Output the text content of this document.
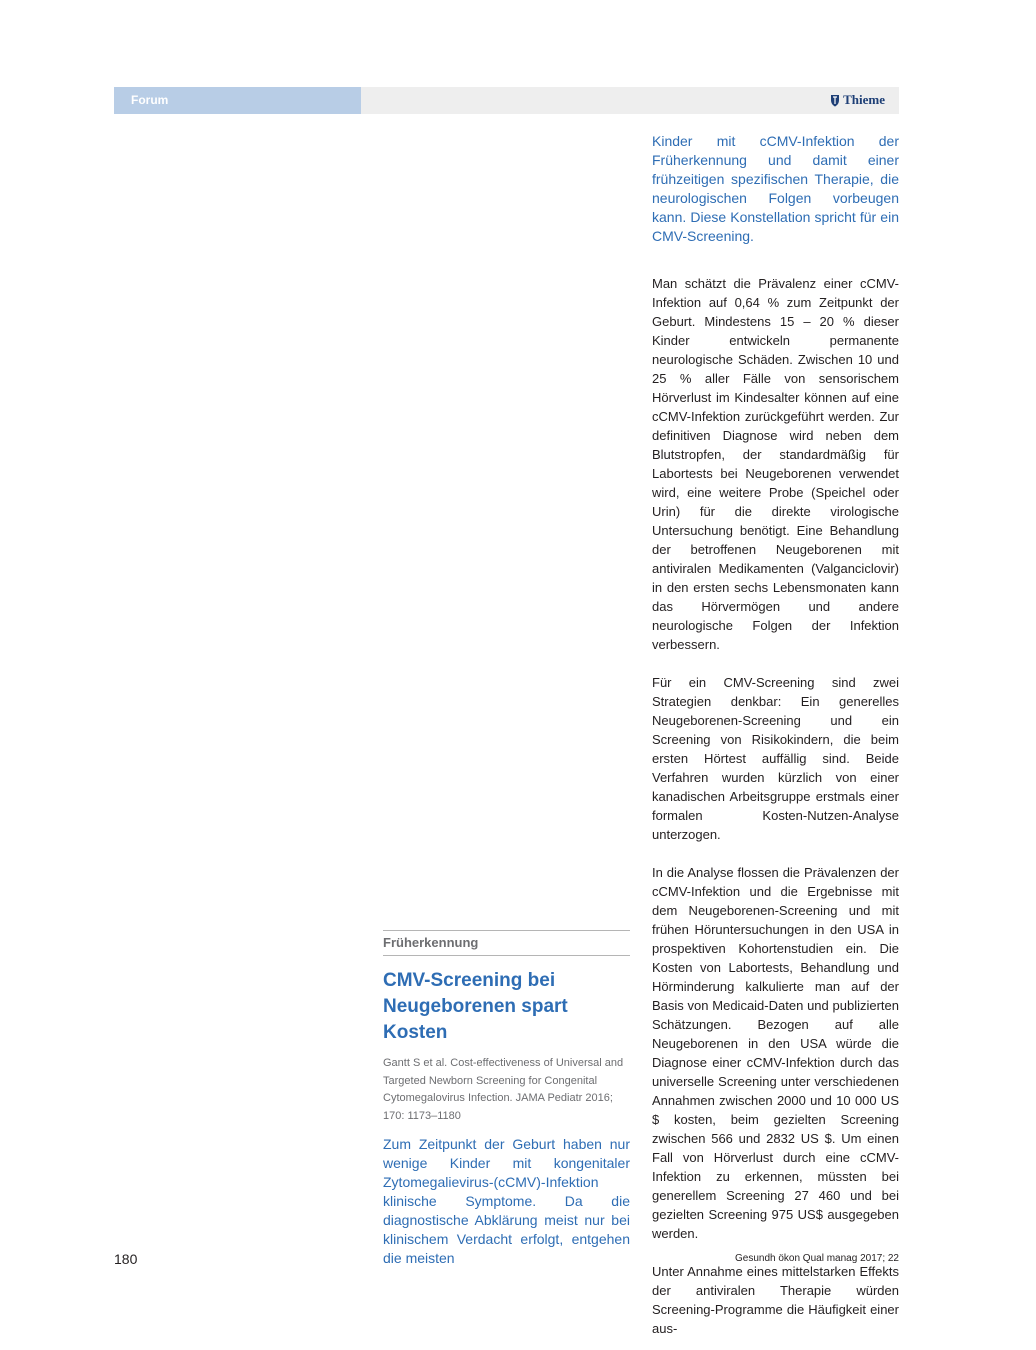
Forum	Thieme

Kinder mit cCMV-Infektion der Früherkennung und damit einer frühzeitigen spezifischen Therapie, die neurologischen Folgen vorbeugen kann. Diese Konstellation spricht für ein CMV-Screening.

Man schätzt die Prävalenz einer cCMV-Infektion auf 0,64 % zum Zeitpunkt der Geburt. Mindestens 15 – 20 % dieser Kinder entwickeln permanente neurologische Schäden. Zwischen 10 und 25 % aller Fälle von sensorischem Hörverlust im Kindesalter können auf eine cCMV-Infektion zurückgeführt werden. Zur definitiven Diagnose wird neben dem Blutstropfen, der standardmäßig für Labortests bei Neugeborenen verwendet wird, eine weitere Probe (Speichel oder Urin) für die direkte virologische Untersuchung benötigt. Eine Behandlung der betroffenen Neugeborenen mit antiviralen Medikamenten (Valganciclovir) in den ersten sechs Lebensmonaten kann das Hörvermögen und andere neurologische Folgen der Infektion verbessern.

Für ein CMV-Screening sind zwei Strategien denkbar: Ein generelles Neugeborenen-Screening und ein Screening von Risikokindern, die beim ersten Hörtest auffällig sind. Beide Verfahren wurden kürzlich von einer kanadischen Arbeitsgruppe erstmals einer formalen Kosten-Nutzen-Analyse unterzogen.

In die Analyse flossen die Prävalenzen der cCMV-Infektion und die Ergebnisse mit dem Neugeborenen-Screening und mit frühen Höruntersuchungen in den USA in prospektiven Kohortenstudien ein. Die Kosten von Labortests, Behandlung und Hörminderung kalkulierte man auf der Basis von Medicaid-Daten und publizierten Schätzungen. Bezogen auf alle Neugeborenen in den USA würde die Diagnose einer cCMV-Infektion durch das universelle Screening unter verschiedenen Annahmen zwischen 2000 und 10 000 US $ kosten, beim gezielten Screening zwischen 566 und 2832 US $. Um einen Fall von Hörverlust durch eine cCMV-Infektion zu erkennen, müssten bei generellem Screening 27 460 und bei gezielten Screening 975 US$ ausgegeben werden.

Unter Annahme eines mittelstarken Effekts der antiviralen Therapie würden Screening-Programme die Häufigkeit einer aus-

Früherkennung
CMV-Screening bei Neugeborenen spart Kosten

Gantt S et al. Cost-effectiveness of Universal and Targeted Newborn Screening for Congenital Cytomegalovirus Infection. JAMA Pediatr 2016; 170: 1173–1180

Zum Zeitpunkt der Geburt haben nur wenige Kinder mit kongenitaler Zytomegalievirus-(cCMV)-Infektion klinische Symptome. Da die diagnostische Abklärung meist nur bei klinischem Verdacht erfolgt, entgehen die meisten

180	Gesundh ökon Qual manag 2017; 22
